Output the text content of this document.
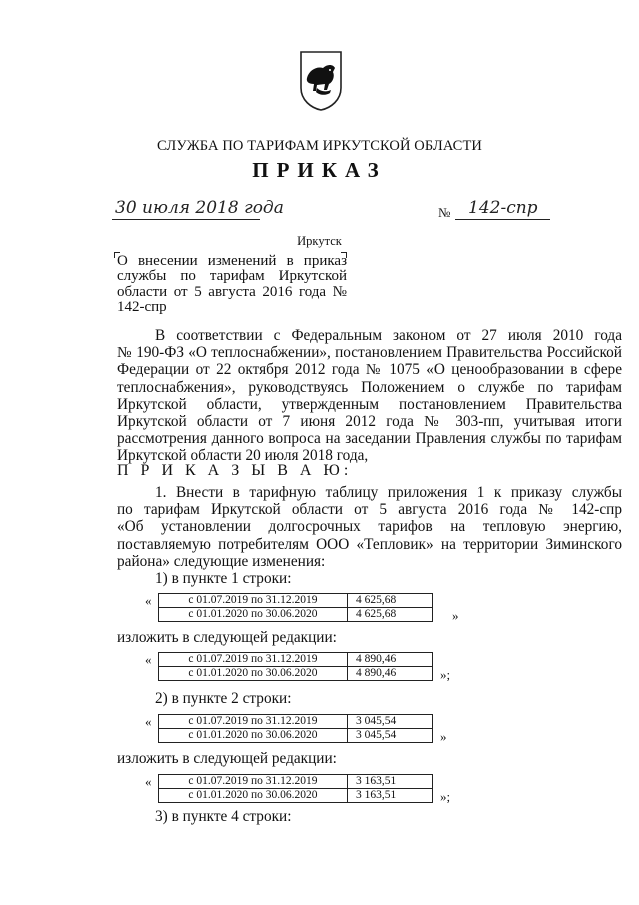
СЛУЖБА ПО ТАРИФАМ ИРКУТСКОЙ ОБЛАСТИ
ПРИКАЗ
30 июля 2018 года	№ 142-спр
Иркутск
О внесении изменений в приказ службы по тарифам Иркутской области от 5 августа 2016 года № 142-спр
В соответствии с Федеральным законом от 27 июля 2010 года
№ 190-ФЗ «О теплоснабжении», постановлением Правительства Российской
Федерации от 22 октября 2012 года № 1075 «О ценообразовании в сфере
теплоснабжения», руководствуясь Положением о службе по тарифам
Иркутской области, утвержденным постановлением Правительства
Иркутской области от 7 июня 2012 года № 303-пп, учитывая итоги
рассмотрения данного вопроса на заседании Правления службы по тарифам
Иркутской области 20 июля 2018 года,
П Р И К А З Ы В А Ю:
1. Внести в тарифную таблицу приложения 1 к приказу службы
по тарифам Иркутской области от 5 августа 2016 года № 142-спр
«Об установлении долгосрочных тарифов на тепловую энергию,
поставляемую потребителям ООО «Тепловик» на территории Зиминского
района» следующие изменения:
1) в пункте 1 строки:
«	с 01.07.2019 по 31.12.2019	4 625,68
с 01.01.2020 по 30.06.2020	4 625,68	»
изложить в следующей редакции:
«	с 01.07.2019 по 31.12.2019	4 890,46
с 01.01.2020 по 30.06.2020	4 890,46	»;
2) в пункте 2 строки:
«	с 01.07.2019 по 31.12.2019	3 045,54
с 01.01.2020 по 30.06.2020	3 045,54	»
изложить в следующей редакции:
«	с 01.07.2019 по 31.12.2019	3 163,51
с 01.01.2020 по 30.06.2020	3 163,51	»;
3) в пункте 4 строки:
